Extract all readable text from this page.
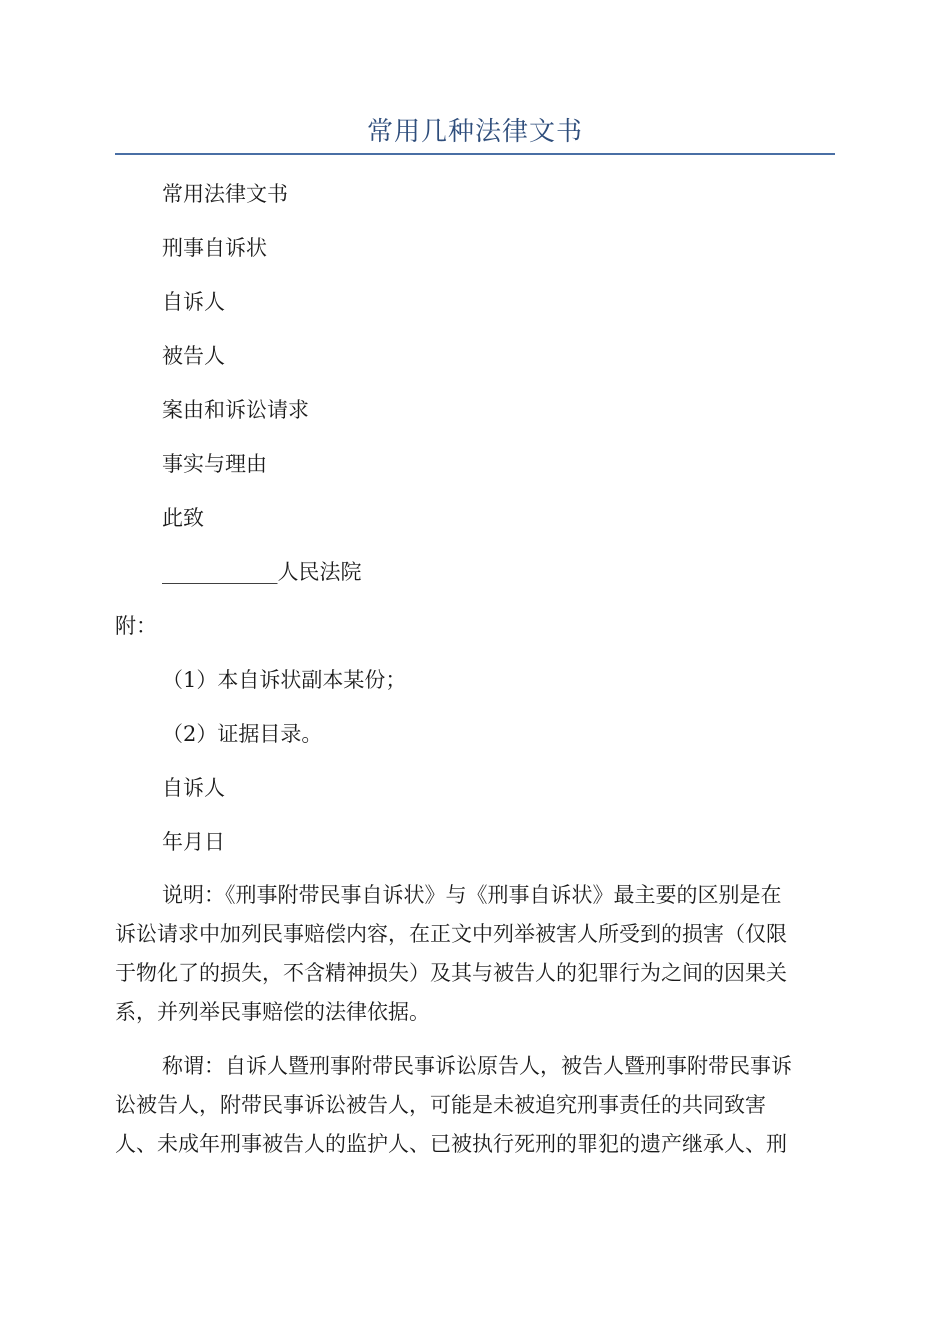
常用几种法律文书
常用法律文书
刑事自诉状
自诉人
被告人
案由和诉讼请求
事实与理由
此致
___________人民法院
附：
（1）本自诉状副本某份；
（2）证据目录。
自诉人
年月日
说明：《刑事附带民事自诉状》与《刑事自诉状》最主要的区别是在
诉讼请求中加列民事赔偿内容，在正文中列举被害人所受到的损害（仅限
于物化了的损失，不含精神损失）及其与被告人的犯罪行为之间的因果关
系，并列举民事赔偿的法律依据。
称谓：自诉人暨刑事附带民事诉讼原告人，被告人暨刑事附带民事诉
讼被告人，附带民事诉讼被告人，可能是未被追究刑事责任的共同致害
人、未成年刑事被告人的监护人、已被执行死刑的罪犯的遗产继承人、刑
